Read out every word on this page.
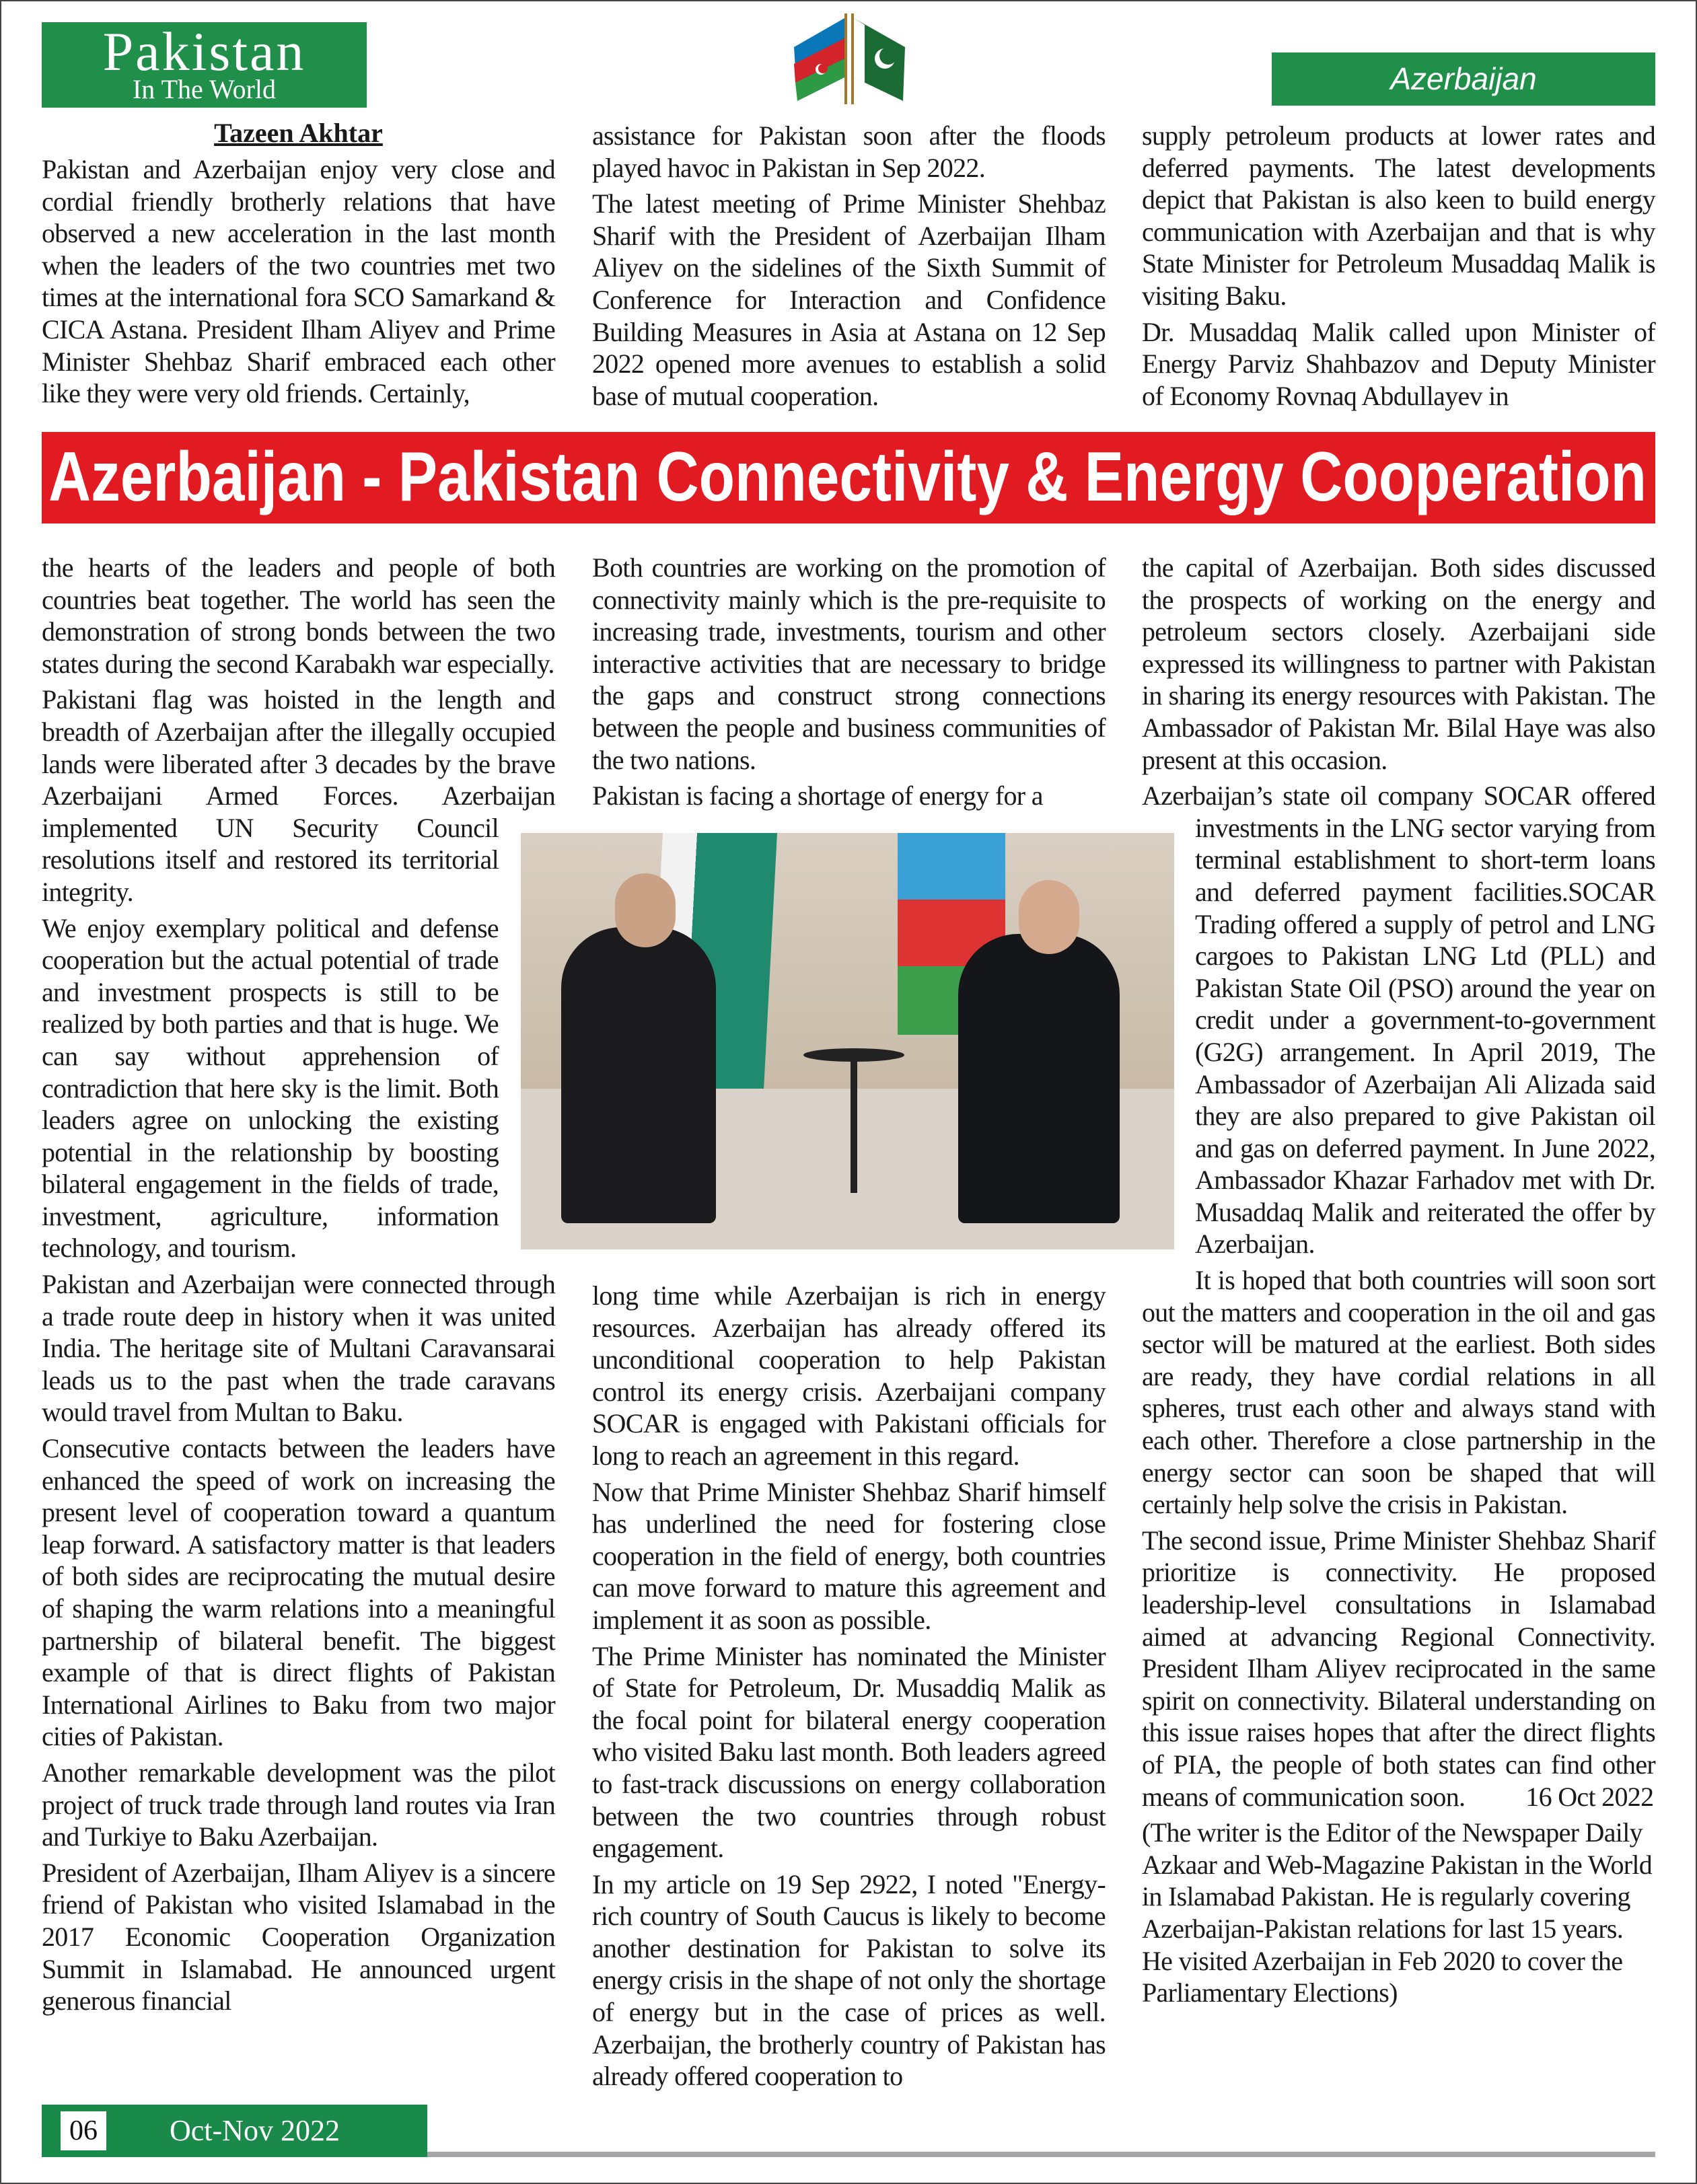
Pakistan
In The World	Azerbaijan
Tazeen Akhtar

Pakistan and Azerbaijan enjoy very close and cordial friendly brotherly relations that have observed a new acceleration in the last month when the leaders of the two countries met two times at the international fora SCO Samarkand & CICA Astana. President Ilham Aliyev and Prime Minister Shehbaz Sharif embraced each other like they were very old friends. Certainly,

assistance for Pakistan soon after the floods played havoc in Pakistan in Sep 2022.

The latest meeting of Prime Minister Shehbaz Sharif with the President of Azerbaijan Ilham Aliyev on the sidelines of the Sixth Summit of Conference for Interaction and Confidence Building Measures in Asia at Astana on 12 Sep 2022 opened more avenues to establish a solid base of mutual cooperation.

supply petroleum products at lower rates and deferred payments. The latest developments depict that Pakistan is also keen to build energy communication with Azerbaijan and that is why State Minister for Petroleum Musaddaq Malik is visiting Baku.

Dr. Musaddaq Malik called upon Minister of Energy Parviz Shahbazov and Deputy Minister of Economy Rovnaq Abdullayev in

Azerbaijan - Pakistan Connectivity & Energy Cooperation

the hearts of the leaders and people of both countries beat together. The world has seen the demonstration of strong bonds between the two states during the second Karabakh war especially.

Pakistani flag was hoisted in the length and breadth of Azerbaijan after the illegally occupied lands were liberated after 3 decades by the brave Azerbaijani Armed Forces. Azerbaijan implemented UN Security Council resolutions itself and restored its territorial integrity.

We enjoy exemplary political and defense cooperation but the actual potential of trade and investment prospects is still to be realized by both parties and that is huge. We can say without apprehension of contradiction that here sky is the limit. Both leaders agree on unlocking the existing potential in the relationship by boosting bilateral engagement in the fields of trade, investment, agriculture, information technology, and tourism.

Pakistan and Azerbaijan were connected through a trade route deep in history when it was united India. The heritage site of Multani Caravansarai leads us to the past when the trade caravans would travel from Multan to Baku.

Consecutive contacts between the leaders have enhanced the speed of work on increasing the present level of cooperation toward a quantum leap forward. A satisfactory matter is that leaders of both sides are reciprocating the mutual desire of shaping the warm relations into a meaningful partnership of bilateral benefit. The biggest example of that is direct flights of Pakistan International Airlines to Baku from two major cities of Pakistan.

Another remarkable development was the pilot project of truck trade through land routes via Iran and Turkiye to Baku Azerbaijan.

President of Azerbaijan, Ilham Aliyev is a sincere friend of Pakistan who visited Islamabad in the 2017 Economic Cooperation Organization Summit in Islamabad. He announced urgent generous financial

Both countries are working on the promotion of connectivity mainly which is the pre-requisite to increasing trade, investments, tourism and other interactive activities that are necessary to bridge the gaps and construct strong connections between the people and business communities of the two nations.

Pakistan is facing a shortage of energy for a

long time while Azerbaijan is rich in energy resources. Azerbaijan has already offered its unconditional cooperation to help Pakistan control its energy crisis. Azerbaijani company SOCAR is engaged with Pakistani officials for long to reach an agreement in this regard.

Now that Prime Minister Shehbaz Sharif himself has underlined the need for fostering close cooperation in the field of energy, both countries can move forward to mature this agreement and implement it as soon as possible.

The Prime Minister has nominated the Minister of State for Petroleum, Dr. Musaddiq Malik as the focal point for bilateral energy cooperation who visited Baku last month. Both leaders agreed to fast-track discussions on energy collaboration between the two countries through robust engagement.

In my article on 19 Sep 2922, I noted "Energy-rich country of South Caucus is likely to become another destination for Pakistan to solve its energy crisis in the shape of not only the shortage of energy but in the case of prices as well. Azerbaijan, the brotherly country of Pakistan has already offered cooperation to

the capital of Azerbaijan. Both sides discussed the prospects of working on the energy and petroleum sectors closely. Azerbaijani side expressed its willingness to partner with Pakistan in sharing its energy resources with Pakistan. The Ambassador of Pakistan Mr. Bilal Haye was also present at this occasion.

Azerbaijan’s state oil company SOCAR offered investments in the LNG sector varying from terminal establishment to short-term loans and deferred payment facilities.SOCAR Trading offered a supply of petrol and LNG cargoes to Pakistan LNG Ltd (PLL) and Pakistan State Oil (PSO) around the year on credit under a government-to-government (G2G) arrangement. In April 2019, The Ambassador of Azerbaijan Ali Alizada said they are also prepared to give Pakistan oil and gas on deferred payment. In June 2022, Ambassador Khazar Farhadov met with Dr. Musaddaq Malik and reiterated the offer by Azerbaijan.

It is hoped that both countries will soon sort out the matters and cooperation in the oil and gas sector will be matured at the earliest. Both sides are ready, they have cordial relations in all spheres, trust each other and always stand with each other. Therefore a close partnership in the energy sector can soon be shaped that will certainly help solve the crisis in Pakistan.

The second issue, Prime Minister Shehbaz Sharif prioritize is connectivity. He proposed leadership-level consultations in Islamabad aimed at advancing Regional Connectivity. President Ilham Aliyev reciprocated in the same spirit on connectivity. Bilateral understanding on this issue raises hopes that after the direct flights of PIA, the people of both states can find other means of communication soon. 16 Oct 2022

(The writer is the Editor of the Newspaper Daily Azkaar and Web-Magazine Pakistan in the World in Islamabad Pakistan. He is regularly covering Azerbaijan-Pakistan relations for last 15 years. He visited Azerbaijan in Feb 2020 to cover the Parliamentary Elections)

06 Oct-Nov 2022
